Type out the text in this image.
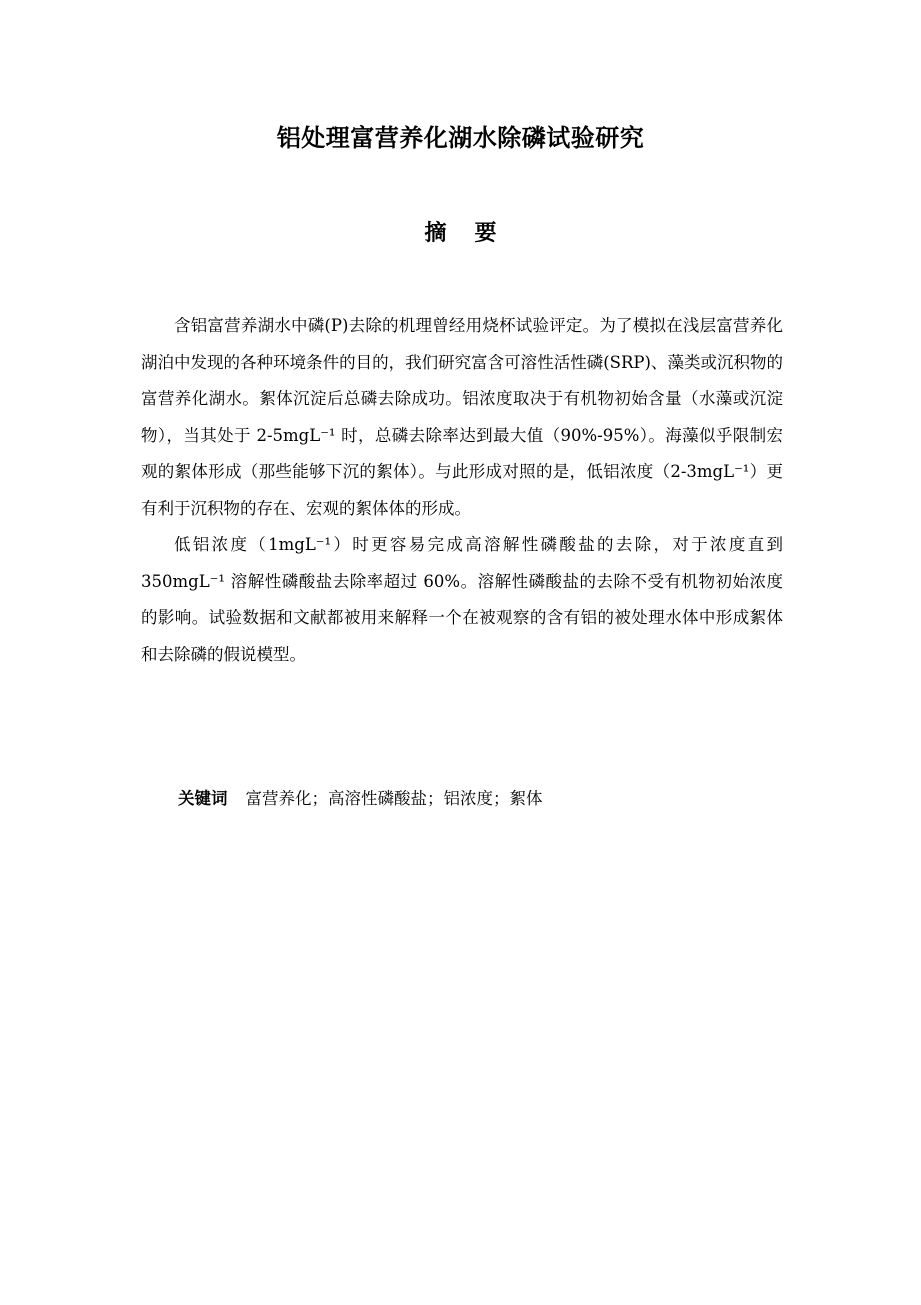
铝处理富营养化湖水除磷试验研究
摘要

含铝富营养湖水中磷(P)去除的机理曾经用烧杯试验评定。为了模拟在浅层富营养化湖泊中发现的各种环境条件的目的，我们研究富含可溶性活性磷(SRP)、藻类或沉积物的富营养化湖水。絮体沉淀后总磷去除成功。铝浓度取决于有机物初始含量（水藻或沉淀物），当其处于 2-5mgL⁻¹ 时，总磷去除率达到最大值（90%-95%）。海藻似乎限制宏观的絮体形成（那些能够下沉的絮体）。与此形成对照的是，低铝浓度（2-3mgL⁻¹）更有利于沉积物的存在、宏观的絮体体的形成。

低铝浓度（1mgL⁻¹）时更容易完成高溶解性磷酸盐的去除，对于浓度直到 350mgL⁻¹ 溶解性磷酸盐去除率超过 60%。溶解性磷酸盐的去除不受有机物初始浓度的影响。试验数据和文献都被用来解释一个在被观察的含有铝的被处理水体中形成絮体和去除磷的假说模型。

关键词 富营养化；高溶性磷酸盐；铝浓度；絮体
